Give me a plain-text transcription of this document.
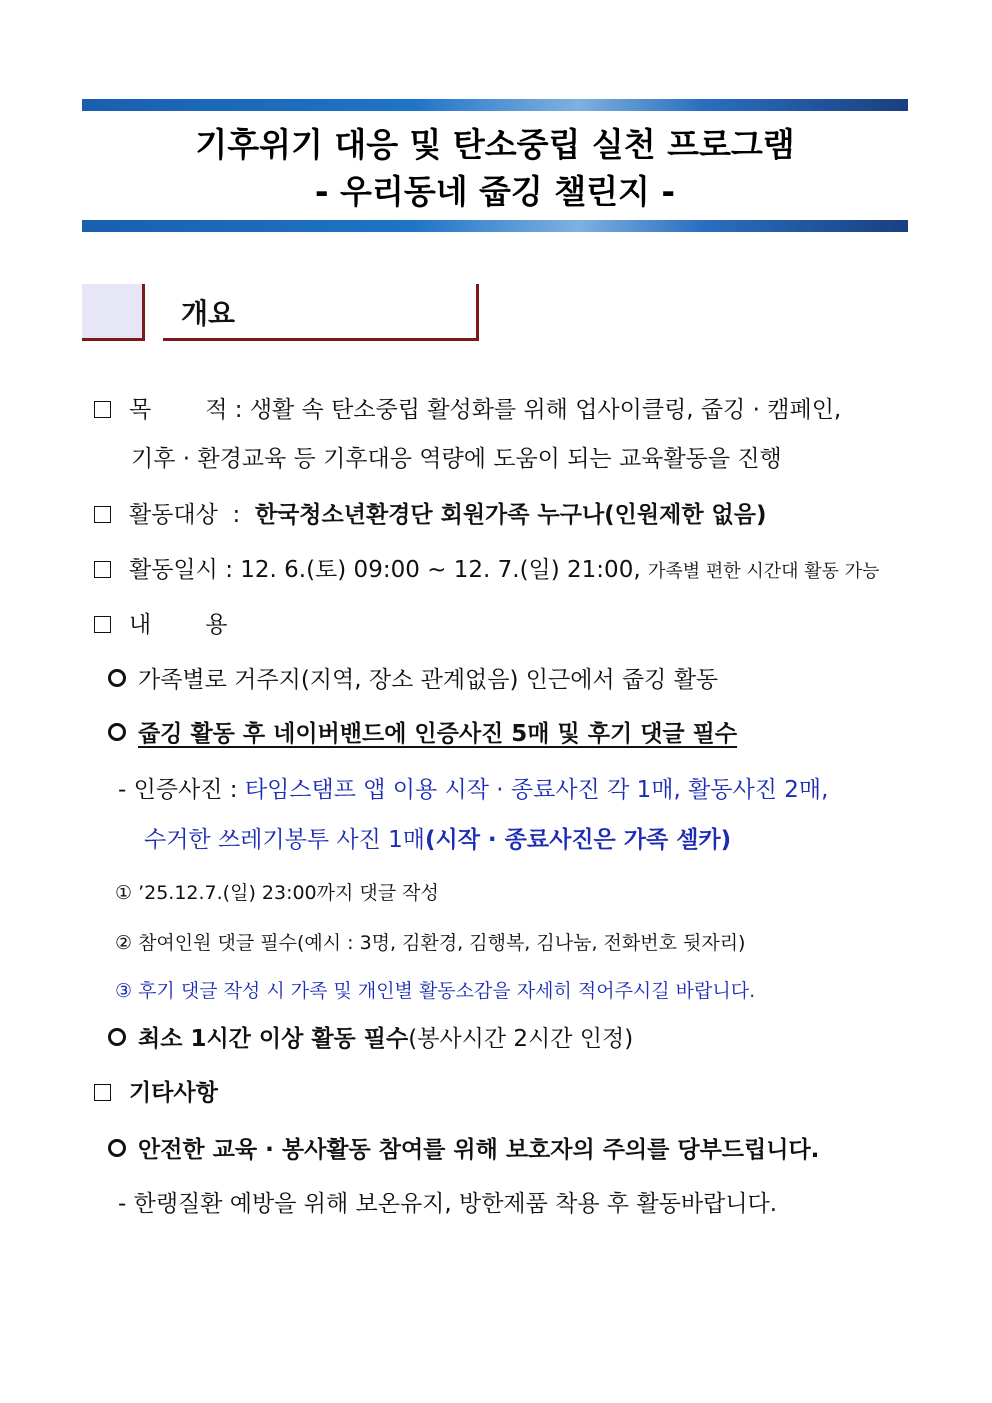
기후위기 대응 및 탄소중립 실천 프로그램
- 우리동네 줍깅 챌린지 -
개요
목 적 : 생활 속 탄소중립 활성화를 위해 업사이클링, 줍깅 · 캠페인,
기후 · 환경교육 등 기후대응 역량에 도움이 되는 교육활동을 진행
활동대상 : 한국청소년환경단 회원가족 누구나(인원제한 없음)
활동일시 : 12. 6.(토) 09:00 ~ 12. 7.(일) 21:00, 가족별 편한 시간대 활동 가능
내 용
가족별로 거주지(지역, 장소 관계없음) 인근에서 줍깅 활동
줍깅 활동 후 네이버밴드에 인증사진 5매 및 후기 댓글 필수
- 인증사진 : 타임스탬프 앱 이용 시작 · 종료사진 각 1매, 활동사진 2매,
수거한 쓰레기봉투 사진 1매(시작 · 종료사진은 가족 셀카)
① ’25.12.7.(일) 23:00까지 댓글 작성
② 참여인원 댓글 필수(예시 : 3명, 김환경, 김행복, 김나눔, 전화번호 뒷자리)
③ 후기 댓글 작성 시 가족 및 개인별 활동소감을 자세히 적어주시길 바랍니다.
최소 1시간 이상 활동 필수(봉사시간 2시간 인정)
기타사항
안전한 교육 · 봉사활동 참여를 위해 보호자의 주의를 당부드립니다.
- 한랭질환 예방을 위해 보온유지, 방한제품 착용 후 활동바랍니다.
